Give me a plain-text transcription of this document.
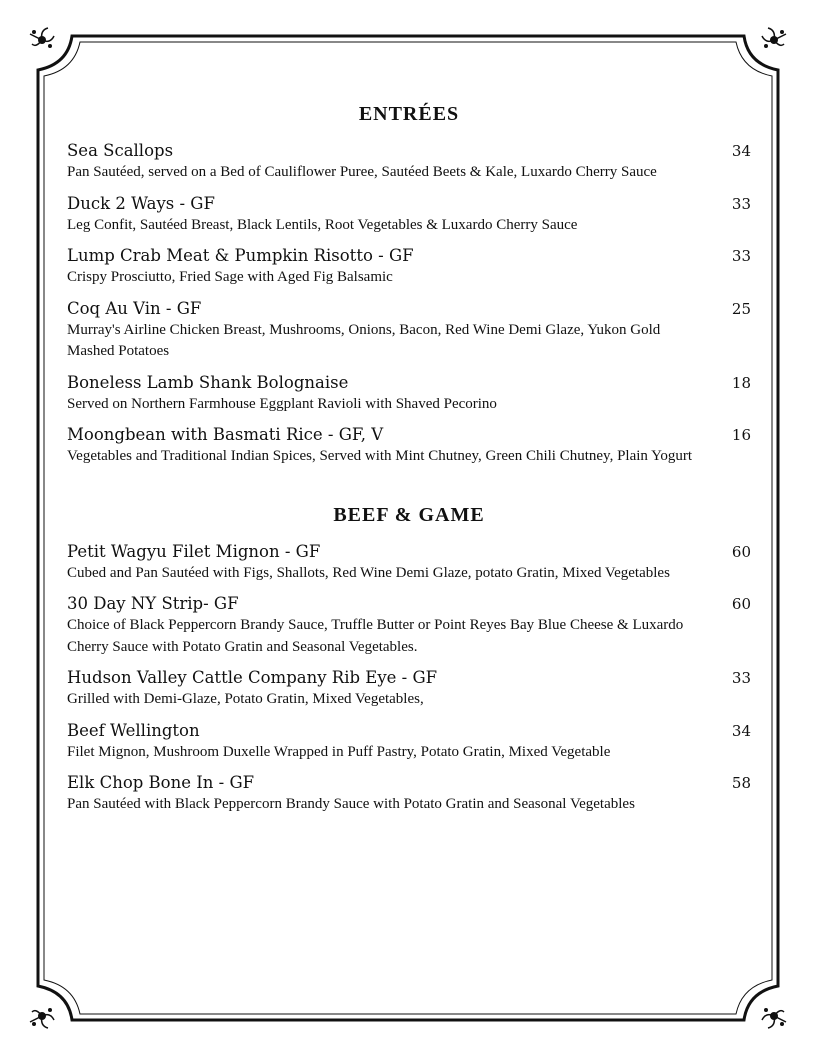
ENTRÉES
Sea Scallops	34
Pan Sautéed, served on a Bed of Cauliflower Puree, Sautéed Beets & Kale, Luxardo Cherry Sauce
Duck 2 Ways - GF	33
Leg Confit, Sautéed Breast, Black Lentils, Root Vegetables & Luxardo Cherry Sauce
Lump Crab Meat & Pumpkin Risotto - GF	33
Crispy Prosciutto, Fried Sage with Aged Fig Balsamic
Coq Au Vin - GF	25
Murray's Airline Chicken Breast, Mushrooms, Onions, Bacon, Red Wine Demi Glaze, Yukon Gold Mashed Potatoes
Boneless Lamb Shank Bolognaise	18
Served on Northern Farmhouse Eggplant Ravioli with Shaved Pecorino
Moongbean with Basmati Rice - GF, V	16
Vegetables and Traditional Indian Spices, Served with Mint Chutney, Green Chili Chutney, Plain Yogurt
BEEF & GAME
Petit Wagyu Filet Mignon - GF	60
Cubed and Pan Sautéed with Figs, Shallots, Red Wine Demi Glaze, potato Gratin, Mixed Vegetables
30 Day NY Strip- GF	60
Choice of Black Peppercorn Brandy Sauce, Truffle Butter or Point Reyes Bay Blue Cheese & Luxardo Cherry Sauce with Potato Gratin and Seasonal Vegetables.
Hudson Valley Cattle Company Rib Eye - GF	33
Grilled with Demi-Glaze, Potato Gratin, Mixed Vegetables,
Beef Wellington	34
Filet Mignon, Mushroom Duxelle Wrapped in Puff Pastry, Potato Gratin, Mixed Vegetable
Elk Chop Bone In - GF	58
Pan Sautéed with Black Peppercorn Brandy Sauce with Potato Gratin and Seasonal Vegetables
